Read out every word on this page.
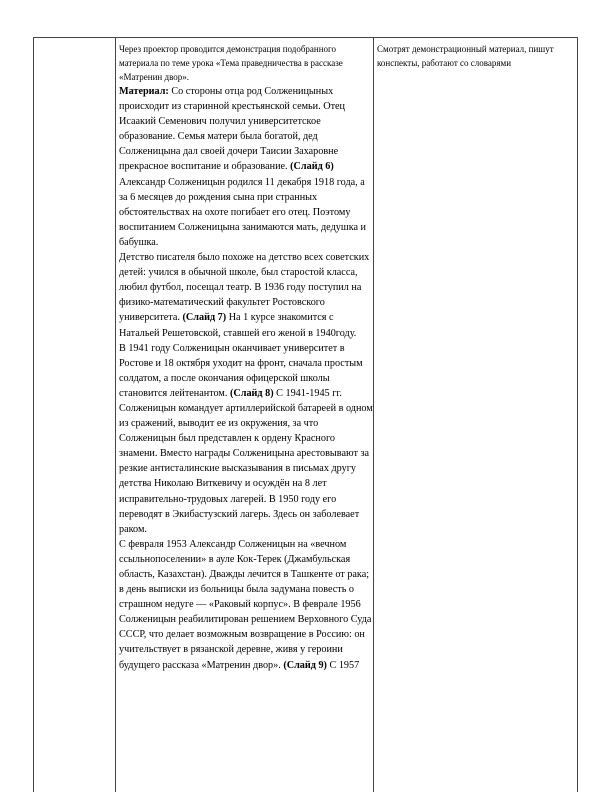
Через проектор проводится демонстрация подобранного материала по теме урока «Тема праведничества в рассказе «Матренин двор».

Материал: Со стороны отца род Солженицыных происходит из старинной крестьянской семьи. Отец Исаакий Семенович получил университетское образование. Семья матери была богатой, дед Солженицына дал своей дочери Таисии Захаровне прекрасное воспитание и образование. (Слайд 6)

Александр Солженицын родился 11 декабря 1918 года, а за 6 месяцев до рождения сына при странных обстоятельствах на охоте погибает его отец. Поэтому воспитанием Солженицына занимаются мать, дедушка и бабушка.

Детство писателя было похоже на детство всех советских детей: учился в обычной школе, был старостой класса, любил футбол, посещал театр. В 1936 году поступил на физико-математический факультет Ростовского университета. (Слайд 7) На 1 курсе знакомится с Натальей Решетовской, ставшей его женой в 1940году.

В 1941 году Солженицын оканчивает университет в Ростове и 18 октября уходит на фронт, сначала простым солдатом, а после окончания офицерской школы становится лейтенантом. (Слайд 8) С 1941-1945 гг. Солженицын командует артиллерийской батареей в одном из сражений, выводит ее из окружения, за что Солженицын был представлен к ордену Красного знамени. Вместо награды Солженицына арестовывают за резкие антисталинские высказывания в письмах другу детства Николаю Виткевичу и осуждён на 8 лет исправительно-трудовых лагерей. В 1950 году его переводят в Экибастузский лагерь. Здесь он заболевает раком.

С февраля 1953 Александр Солженицын на «вечном ссыльнопоселении» в ауле Кок-Терек (Джамбульская область, Казахстан). Дважды лечится в Ташкенте от рака; в день выписки из больницы была задумана повесть о страшном недуге — «Раковый корпус». В феврале 1956 Солженицын реабилитирован решением Верховного Суда СССР, что делает возможным возвращение в Россию: он учительствует в рязанской деревне, живя у героини будущего рассказа «Матренин двор». (Слайд 9) С 1957

Смотрят демонстрационный материал, пишут конспекты, работают со словарями
